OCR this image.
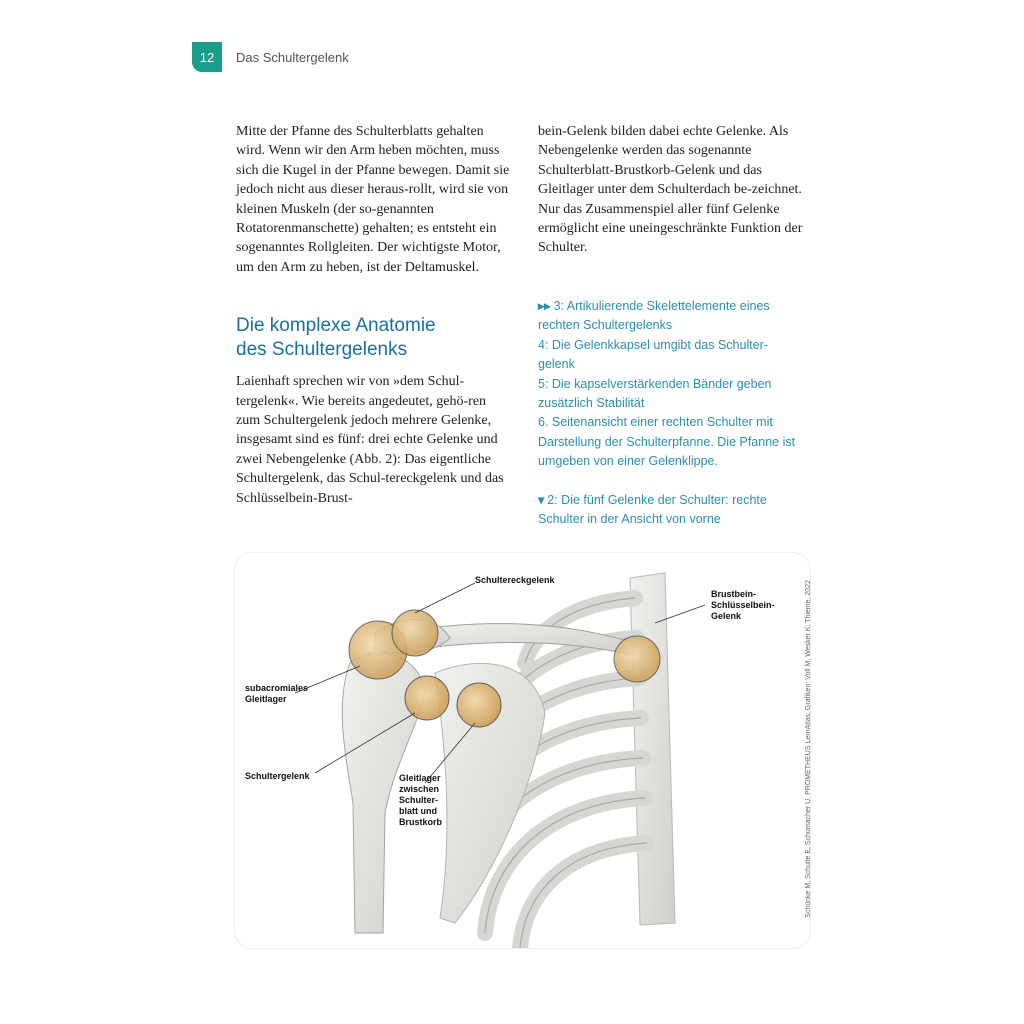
12 Das Schultergelenk

Mitte der Pfanne des Schulterblatts gehalten wird. Wenn wir den Arm heben möchten, muss sich die Kugel in der Pfanne bewegen. Damit sie jedoch nicht aus dieser heraus-rollt, wird sie von kleinen Muskeln (der so-genannten Rotatorenmanschette) gehalten; es entsteht ein sogenanntes Rollgleiten. Der wichtigste Motor, um den Arm zu heben, ist der Deltamuskel.

Die komplexe Anatomie
des Schultergelenks

Laienhaft sprechen wir von »dem Schul-tergelenk«. Wie bereits angedeutet, gehö-ren zum Schultergelenk jedoch mehrere Gelenke, insgesamt sind es fünf: drei echte Gelenke und zwei Nebengelenke (Abb. 2): Das eigentliche Schultergelenk, das Schul-tereckgelenk und das Schlüsselbein-Brust-

bein-Gelenk bilden dabei echte Gelenke. Als Nebengelenke werden das sogenannte Schulterblatt-Brustkorb-Gelenk und das Gleitlager unter dem Schulterdach be-zeichnet. Nur das Zusammenspiel aller fünf Gelenke ermöglicht eine uneingeschränkte Funktion der Schulter.

▸▸ 3: Artikulierende Skelettelemente eines rechten Schultergelenks

4: Die Gelenkkapsel umgibt das Schulter-gelenk

5: Die kapselverstärkenden Bänder geben zusätzlich Stabilität

6. Seitenansicht einer rechten Schulter mit Darstellung der Schulterpfanne. Die Pfanne ist umgeben von einer Gelenklippe.

▾ 2: Die fünf Gelenke der Schulter: rechte Schulter in der Ansicht von vorne

Schultereckgelenk
Brustbein-
Schlüsselbein-
Gelenk
subacromiales
Gleitlager
Schultergelenk	Gleitlager
zwischen
Schulter-
blatt und
Brustkorb	Schünke M, Schulte E, Schumacher U. PROMETHEUS LernAtlas, Grafiken: Voll M, Wesker K; Thieme, 2022
